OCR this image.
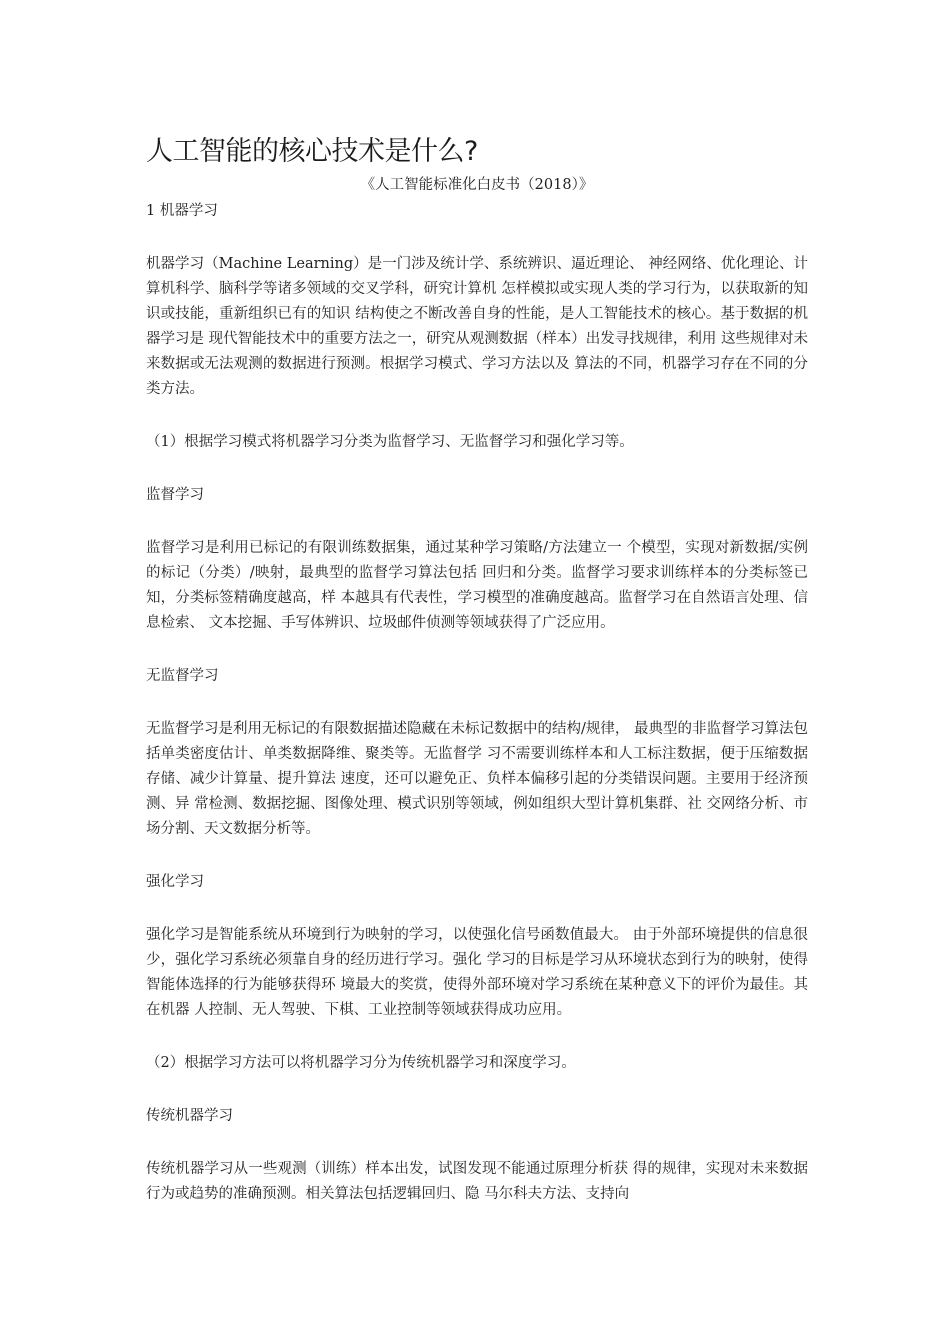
人工智能的核心技术是什么?

《人工智能标准化白皮书（2018）》

1 机器学习

机器学习（Machine Learning）是一门涉及统计学、系统辨识、逼近理论、 神经网络、优化理论、计算机科学、脑科学等诸多领域的交叉学科，研究计算机 怎样模拟或实现人类的学习行为，以获取新的知识或技能，重新组织已有的知识 结构使之不断改善自身的性能，是人工智能技术的核心。基于数据的机器学习是 现代智能技术中的重要方法之一，研究从观测数据（样本）出发寻找规律，利用 这些规律对未来数据或无法观测的数据进行预测。根据学习模式、学习方法以及 算法的不同，机器学习存在不同的分类方法。

（1）根据学习模式将机器学习分类为监督学习、无监督学习和强化学习等。

监督学习

监督学习是利用已标记的有限训练数据集，通过某种学习策略/方法建立一 个模型，实现对新数据/实例的标记（分类）/映射，最典型的监督学习算法包括 回归和分类。监督学习要求训练样本的分类标签已知，分类标签精确度越高，样 本越具有代表性，学习模型的准确度越高。监督学习在自然语言处理、信息检索、 文本挖掘、手写体辨识、垃圾邮件侦测等领域获得了广泛应用。

无监督学习

无监督学习是利用无标记的有限数据描述隐藏在未标记数据中的结构/规律， 最典型的非监督学习算法包括单类密度估计、单类数据降维、聚类等。无监督学 习不需要训练样本和人工标注数据，便于压缩数据存储、减少计算量、提升算法 速度，还可以避免正、负样本偏移引起的分类错误问题。主要用于经济预测、异 常检测、数据挖掘、图像处理、模式识别等领域，例如组织大型计算机集群、社 交网络分析、市场分割、天文数据分析等。

强化学习

强化学习是智能系统从环境到行为映射的学习，以使强化信号函数值最大。 由于外部环境提供的信息很少，强化学习系统必须靠自身的经历进行学习。强化 学习的目标是学习从环境状态到行为的映射，使得智能体选择的行为能够获得环 境最大的奖赏，使得外部环境对学习系统在某种意义下的评价为最佳。其在机器 人控制、无人驾驶、下棋、工业控制等领域获得成功应用。

（2）根据学习方法可以将机器学习分为传统机器学习和深度学习。

传统机器学习

传统机器学习从一些观测（训练）样本出发，试图发现不能通过原理分析获 得的规律，实现对未来数据行为或趋势的准确预测。相关算法包括逻辑回归、隐 马尔科夫方法、支持向
